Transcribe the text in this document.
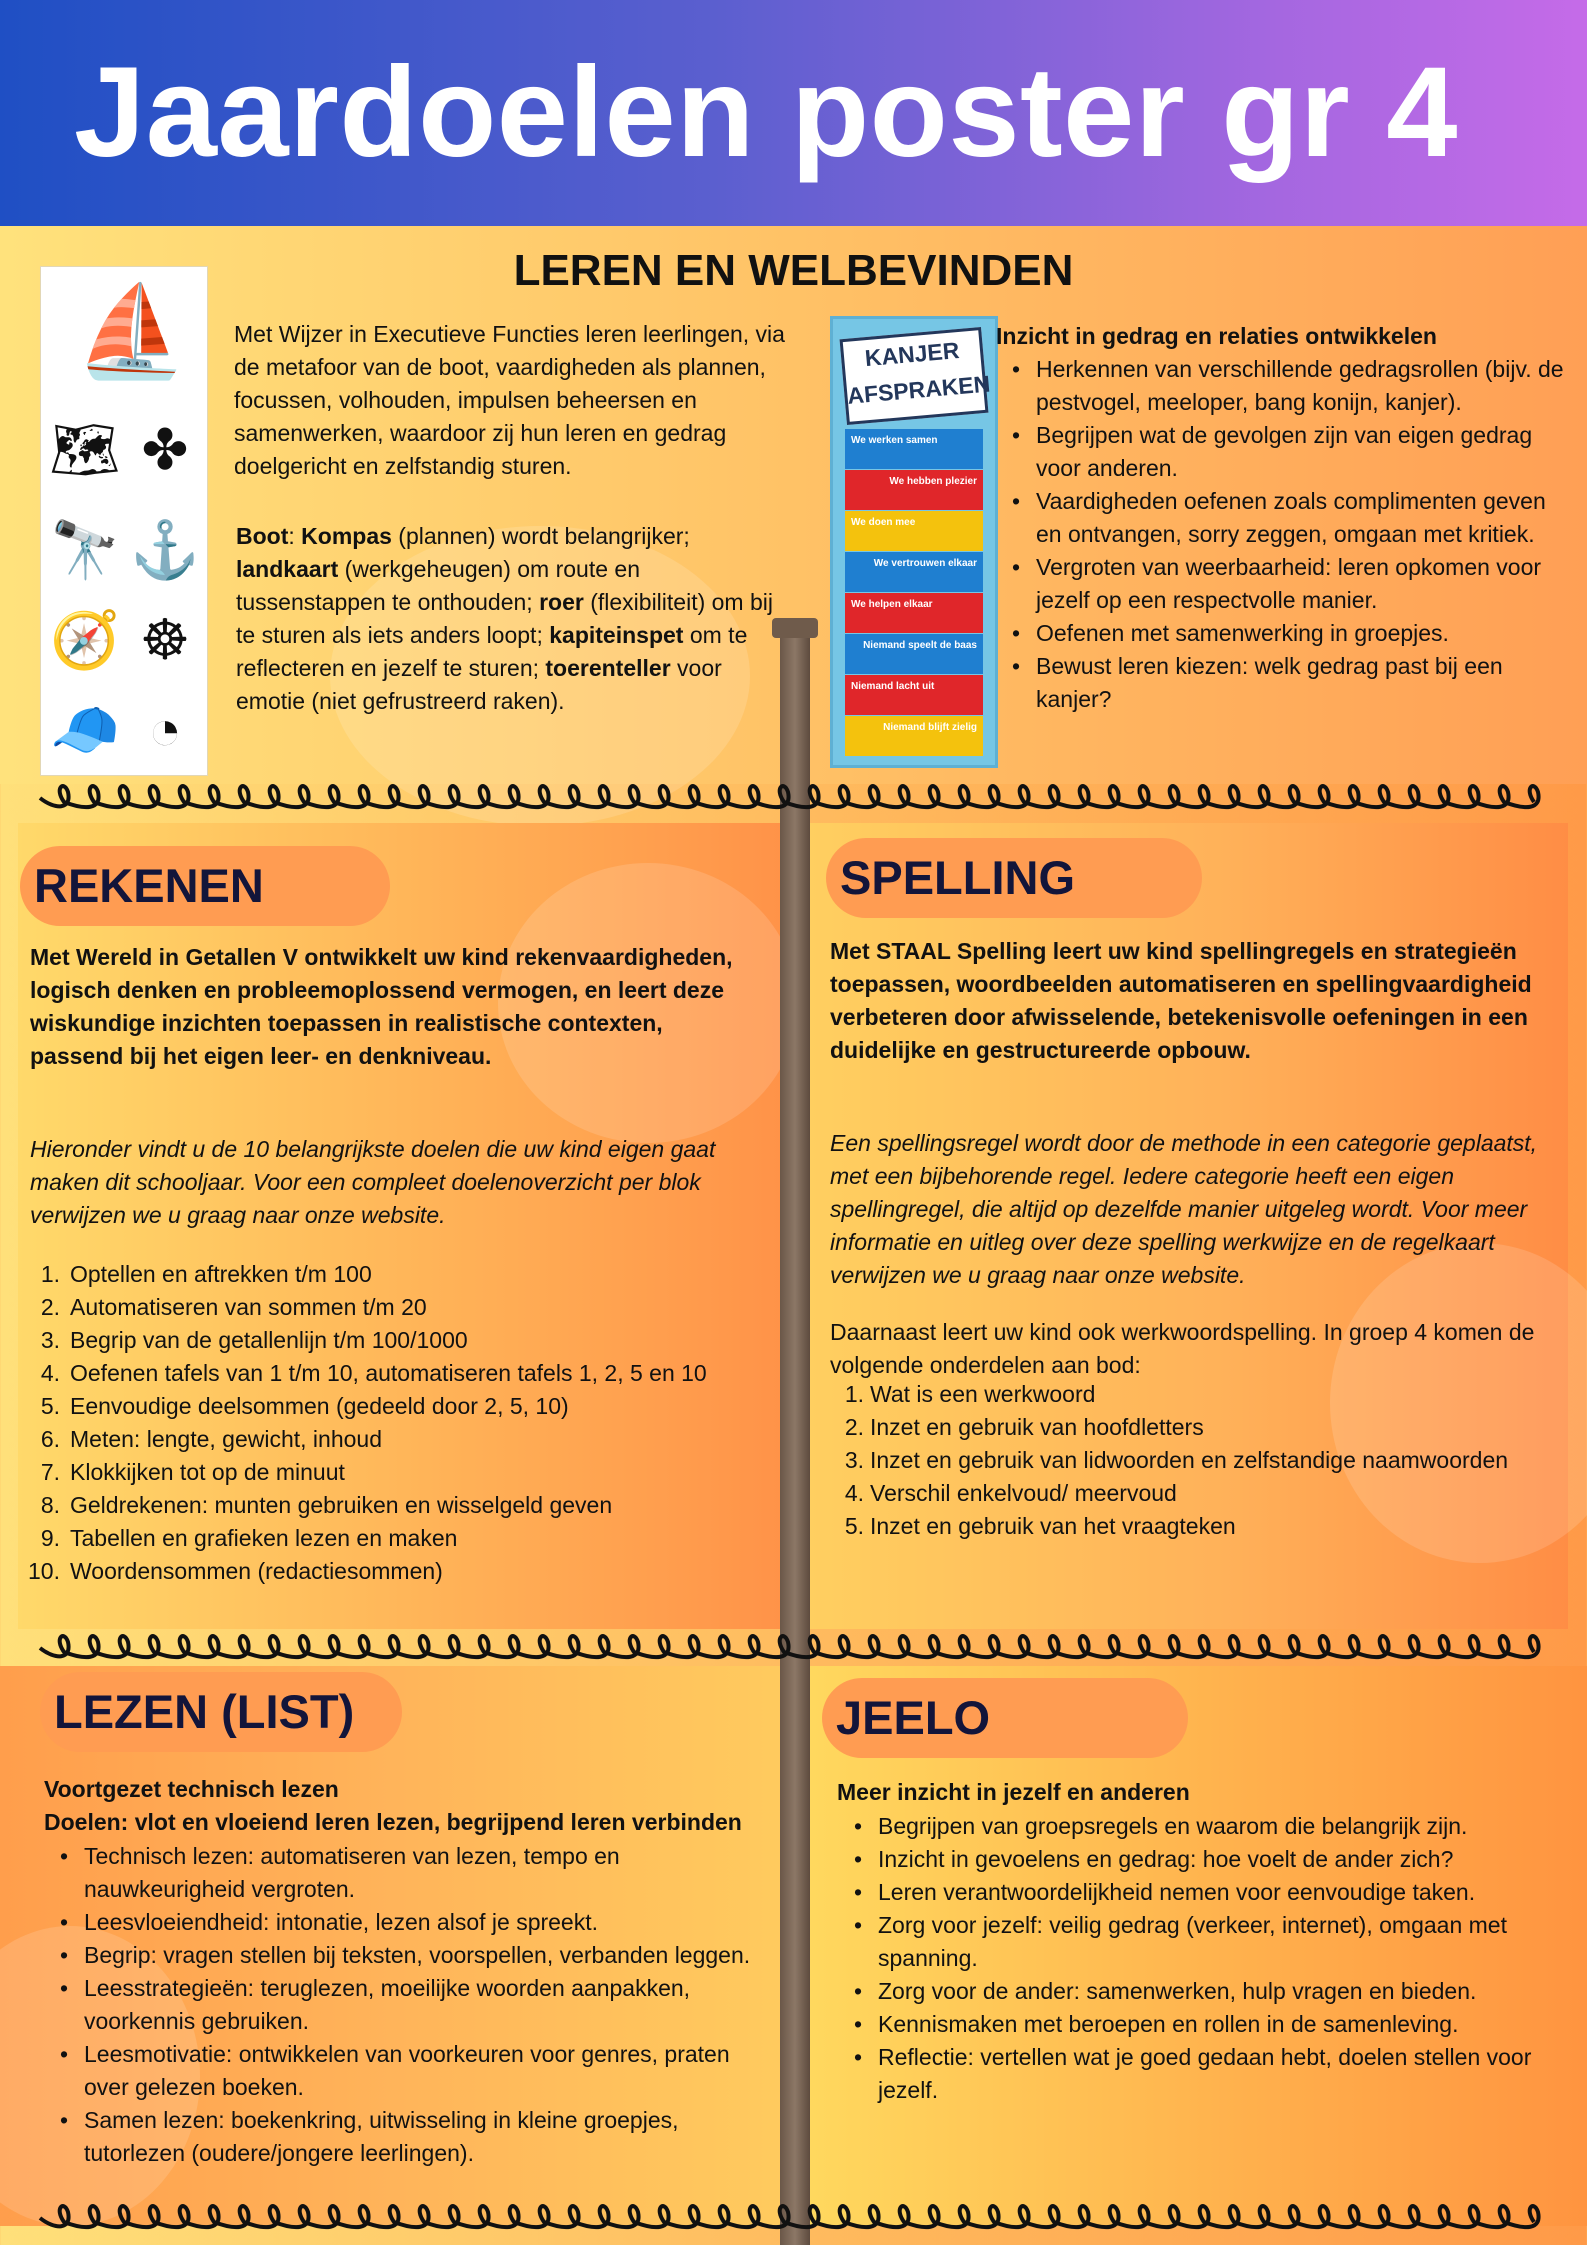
Jaardoelen poster gr 4
LEREN EN WELBEVINDEN
⛵
🗺 ✤
🔭 ⚓
🧭 ☸
🧢 ◔
Met Wijzer in Executieve Functies leren leerlingen, via de metafoor van de boot, vaardigheden als plannen, focussen, volhouden, impulsen beheersen en samenwerken, waardoor zij hun leren en gedrag doelgericht en zelfstandig sturen.
Boot: Kompas (plannen) wordt belangrijker; landkaart (werkgeheugen) om route en tussenstappen te onthouden; roer (flexibiliteit) om bij te sturen als iets anders loopt; kapiteinspet om te reflecteren en jezelf te sturen; toerenteller voor emotie (niet gefrustreerd raken).
KANJER
AFSPRAKEN
We werken samen
We hebben plezier
We doen mee
We vertrouwen elkaar
We helpen elkaar
Niemand speelt de baas
Niemand lacht uit
Niemand blijft zielig

Inzicht in gedrag en relaties ontwikkelen

• Herkennen van verschillende gedragsrollen (bijv. de pestvogel, meeloper, bang konijn, kanjer).
• Begrijpen wat de gevolgen zijn van eigen gedrag voor anderen.
• Vaardigheden oefenen zoals complimenten geven en ontvangen, sorry zeggen, omgaan met kritiek.
• Vergroten van weerbaarheid: leren opkomen voor jezelf op een respectvolle manier.
• Oefenen met samenwerking in groepjes.
• Bewust leren kiezen: welk gedrag past bij een kanjer?
REKENEN
Met Wereld in Getallen V ontwikkelt uw kind rekenvaardigheden, logisch denken en probleemoplossend vermogen, en leert deze wiskundige inzichten toepassen in realistische contexten, passend bij het eigen leer- en denkniveau.
Hieronder vindt u de 10 belangrijkste doelen die uw kind eigen gaat maken dit schooljaar. Voor een compleet doelenoverzicht per blok verwijzen we u graag naar onze website.
1. Optellen en aftrekken t/m 100
2. Automatiseren van sommen t/m 20
3. Begrip van de getallenlijn t/m 100/1000
4. Oefenen tafels van 1 t/m 10, automatiseren tafels 1, 2, 5 en 10
5. Eenvoudige deelsommen (gedeeld door 2, 5, 10)
6. Meten: lengte, gewicht, inhoud
7. Klokkijken tot op de minuut
8. Geldrekenen: munten gebruiken en wisselgeld geven
9. Tabellen en grafieken lezen en maken
10. Woordensommen (redactiesommen)
SPELLING
Met STAAL Spelling leert uw kind spellingregels en strategieën toepassen, woordbeelden automatiseren en spellingvaardigheid verbeteren door afwisselende, betekenisvolle oefeningen in een duidelijke en gestructureerde opbouw.
Een spellingsregel wordt door de methode in een categorie geplaatst, met een bijbehorende regel. Iedere categorie heeft een eigen spellingregel, die altijd op dezelfde manier uitgeleg wordt. Voor meer informatie en uitleg over deze spelling werkwijze en de regelkaart verwijzen we u graag naar onze website.
Daarnaast leert uw kind ook werkwoordspelling. In groep 4 komen de volgende onderdelen aan bod:
1. Wat is een werkwoord
2. Inzet en gebruik van hoofdletters
3. Inzet en gebruik van lidwoorden en zelfstandige naamwoorden
4. Verschil enkelvoud/ meervoud
5. Inzet en gebruik van het vraagteken
LEZEN (LIST)
Voortgezet technisch lezen
Doelen: vlot en vloeiend leren lezen, begrijpend leren verbinden
• Technisch lezen: automatiseren van lezen, tempo en nauwkeurigheid vergroten.
• Leesvloeiendheid: intonatie, lezen alsof je spreekt.
• Begrip: vragen stellen bij teksten, voorspellen, verbanden leggen.
• Leesstrategieën: teruglezen, moeilijke woorden aanpakken, voorkennis gebruiken.
• Leesmotivatie: ontwikkelen van voorkeuren voor genres, praten over gelezen boeken.
• Samen lezen: boekenkring, uitwisseling in kleine groepjes, tutorlezen (oudere/jongere leerlingen).
JEELO
Meer inzicht in jezelf en anderen
• Begrijpen van groepsregels en waarom die belangrijk zijn.
• Inzicht in gevoelens en gedrag: hoe voelt de ander zich?
• Leren verantwoordelijkheid nemen voor eenvoudige taken.
• Zorg voor jezelf: veilig gedrag (verkeer, internet), omgaan met spanning.
• Zorg voor de ander: samenwerken, hulp vragen en bieden.
• Kennismaken met beroepen en rollen in de samenleving.
• Reflectie: vertellen wat je goed gedaan hebt, doelen stellen voor jezelf.
